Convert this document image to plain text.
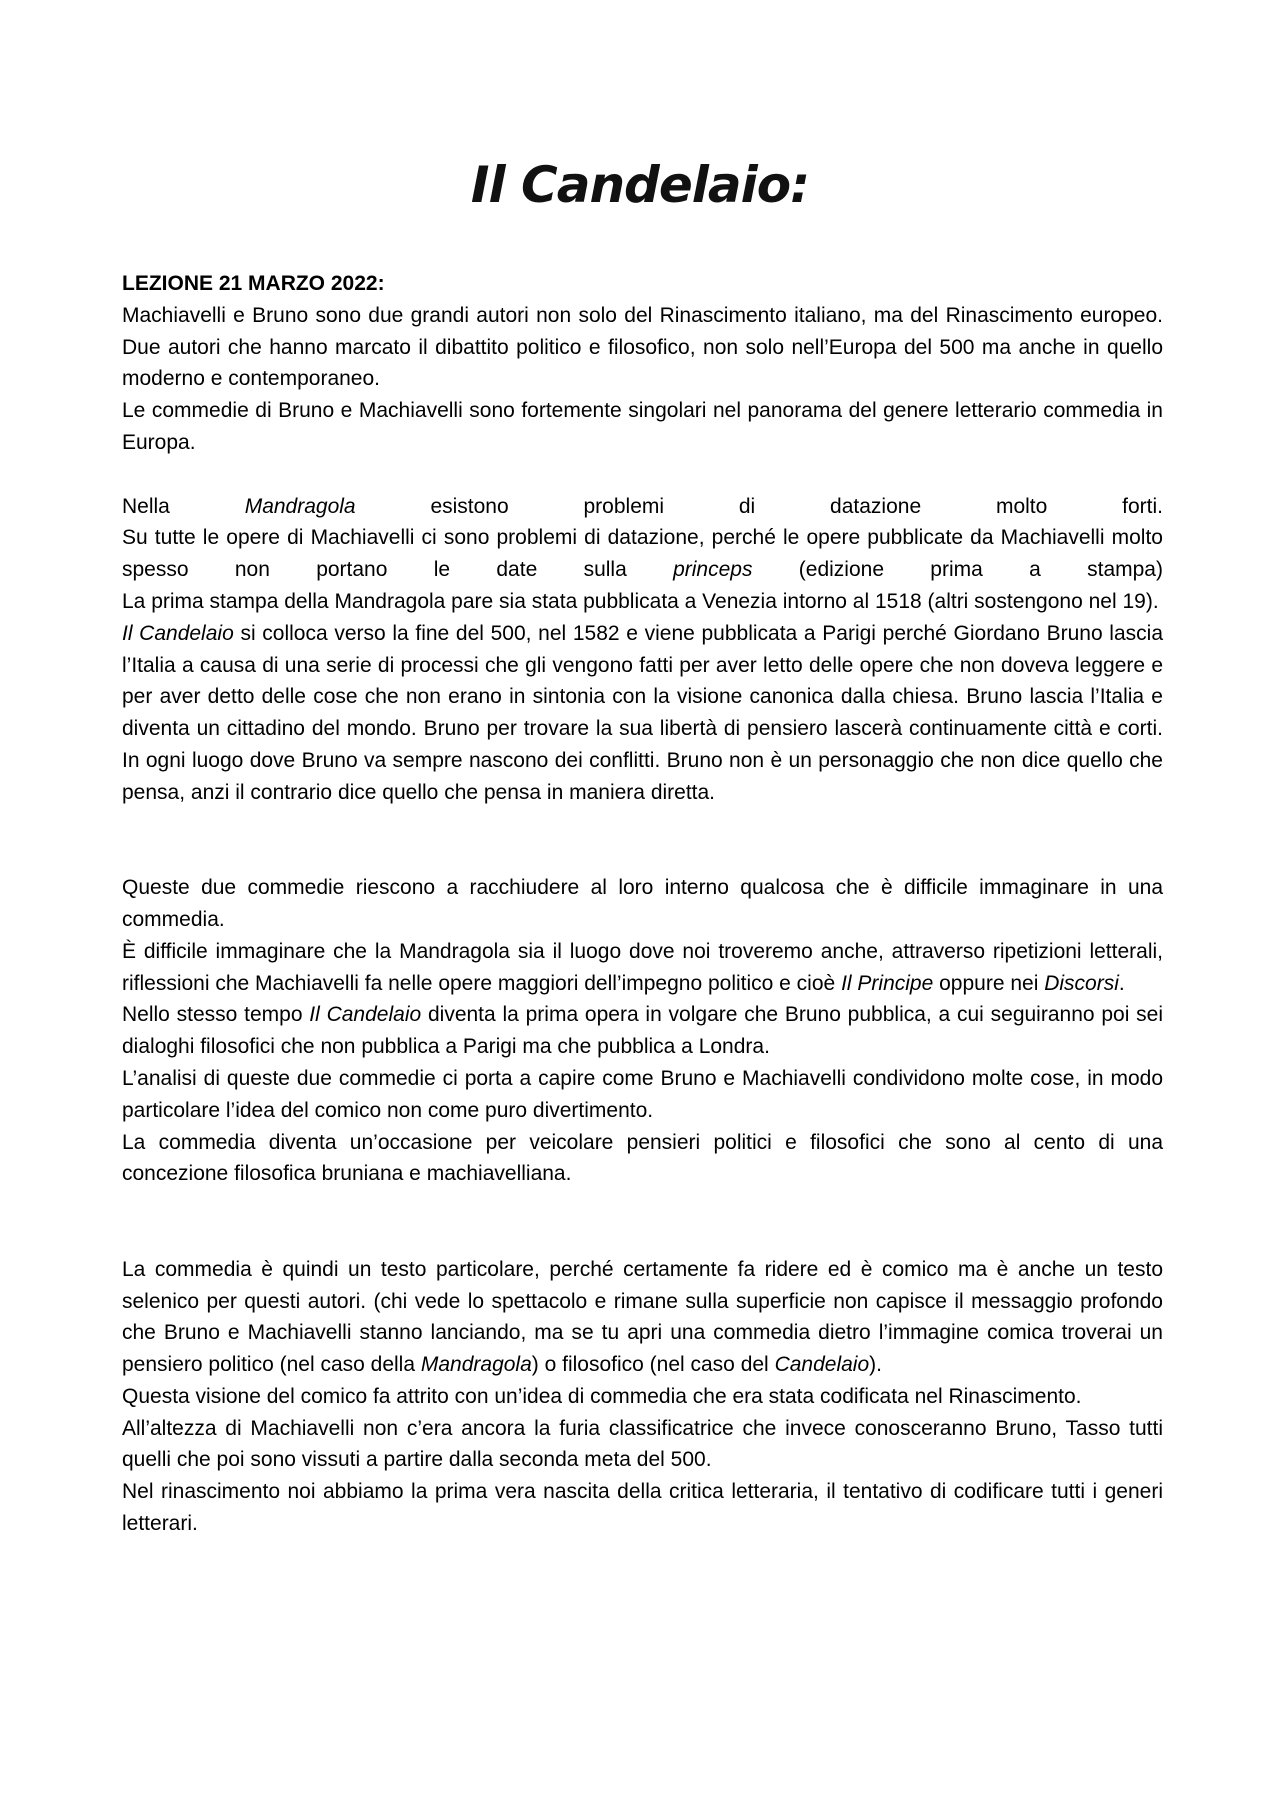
Il Candelaio:

LEZIONE 21 MARZO 2022:

Machiavelli e Bruno sono due grandi autori non solo del Rinascimento italiano, ma del Rinascimento europeo. Due autori che hanno marcato il dibattito politico e filosofico, non solo nell’Europa del 500 ma anche in quello moderno e contemporaneo.

Le commedie di Bruno e Machiavelli sono fortemente singolari nel panorama del genere letterario commedia in Europa.

Nella	Mandragola	esistono problemi di datazione molto forti.

Su tutte le opere di Machiavelli ci sono problemi di datazione, perché le opere pubblicate da Machiavelli molto spesso non portano le date sulla princeps (edizione prima a stampa)

La prima stampa della Mandragola pare sia stata pubblicata a Venezia intorno al 1518 (altri sostengono nel 19).

Il Candelaio si colloca verso la fine del 500, nel 1582 e viene pubblicata a Parigi perché Giordano Bruno lascia l’Italia a causa di una serie di processi che gli vengono fatti per aver letto delle opere che non doveva leggere e per aver detto delle cose che non erano in sintonia con la visione canonica dalla chiesa. Bruno lascia l’Italia e diventa un cittadino del mondo. Bruno per trovare la sua libertà di pensiero lascerà continuamente città e corti. In ogni luogo dove Bruno va sempre nascono dei conflitti. Bruno non è un personaggio che non dice quello che pensa, anzi il contrario dice quello che pensa in maniera diretta.

Queste due commedie riescono a racchiudere al loro interno qualcosa che è difficile immaginare in una commedia.

È difficile immaginare che la Mandragola sia il luogo dove noi troveremo anche, attraverso ripetizioni letterali, riflessioni che Machiavelli fa nelle opere maggiori dell’impegno politico e cioè Il Principe oppure nei Discorsi.

Nello stesso tempo Il Candelaio diventa la prima opera in volgare che Bruno pubblica, a cui seguiranno poi sei dialoghi filosofici che non pubblica a Parigi ma che pubblica a Londra.

L’analisi di queste due commedie ci porta a capire come Bruno e Machiavelli condividono molte cose, in modo particolare l’idea del comico non come puro divertimento.

La commedia diventa un’occasione per veicolare pensieri politici e filosofici che sono al cento di una concezione filosofica bruniana e machiavelliana.

La commedia è quindi un testo particolare, perché certamente fa ridere ed è comico ma è anche un testo selenico per questi autori. (chi vede lo spettacolo e rimane sulla superficie non capisce il messaggio profondo che Bruno e Machiavelli stanno lanciando, ma se tu apri una commedia dietro l’immagine comica troverai un pensiero politico (nel caso della Mandragola) o filosofico (nel caso del Candelaio).

Questa visione del comico fa attrito con un’idea di commedia che era stata codificata nel Rinascimento.

All’altezza di Machiavelli non c’era ancora la furia classificatrice che invece conosceranno Bruno, Tasso tutti quelli che poi sono vissuti a partire dalla seconda meta del 500.

Nel rinascimento noi abbiamo la prima vera nascita della critica letteraria, il tentativo di codificare tutti i generi letterari.
